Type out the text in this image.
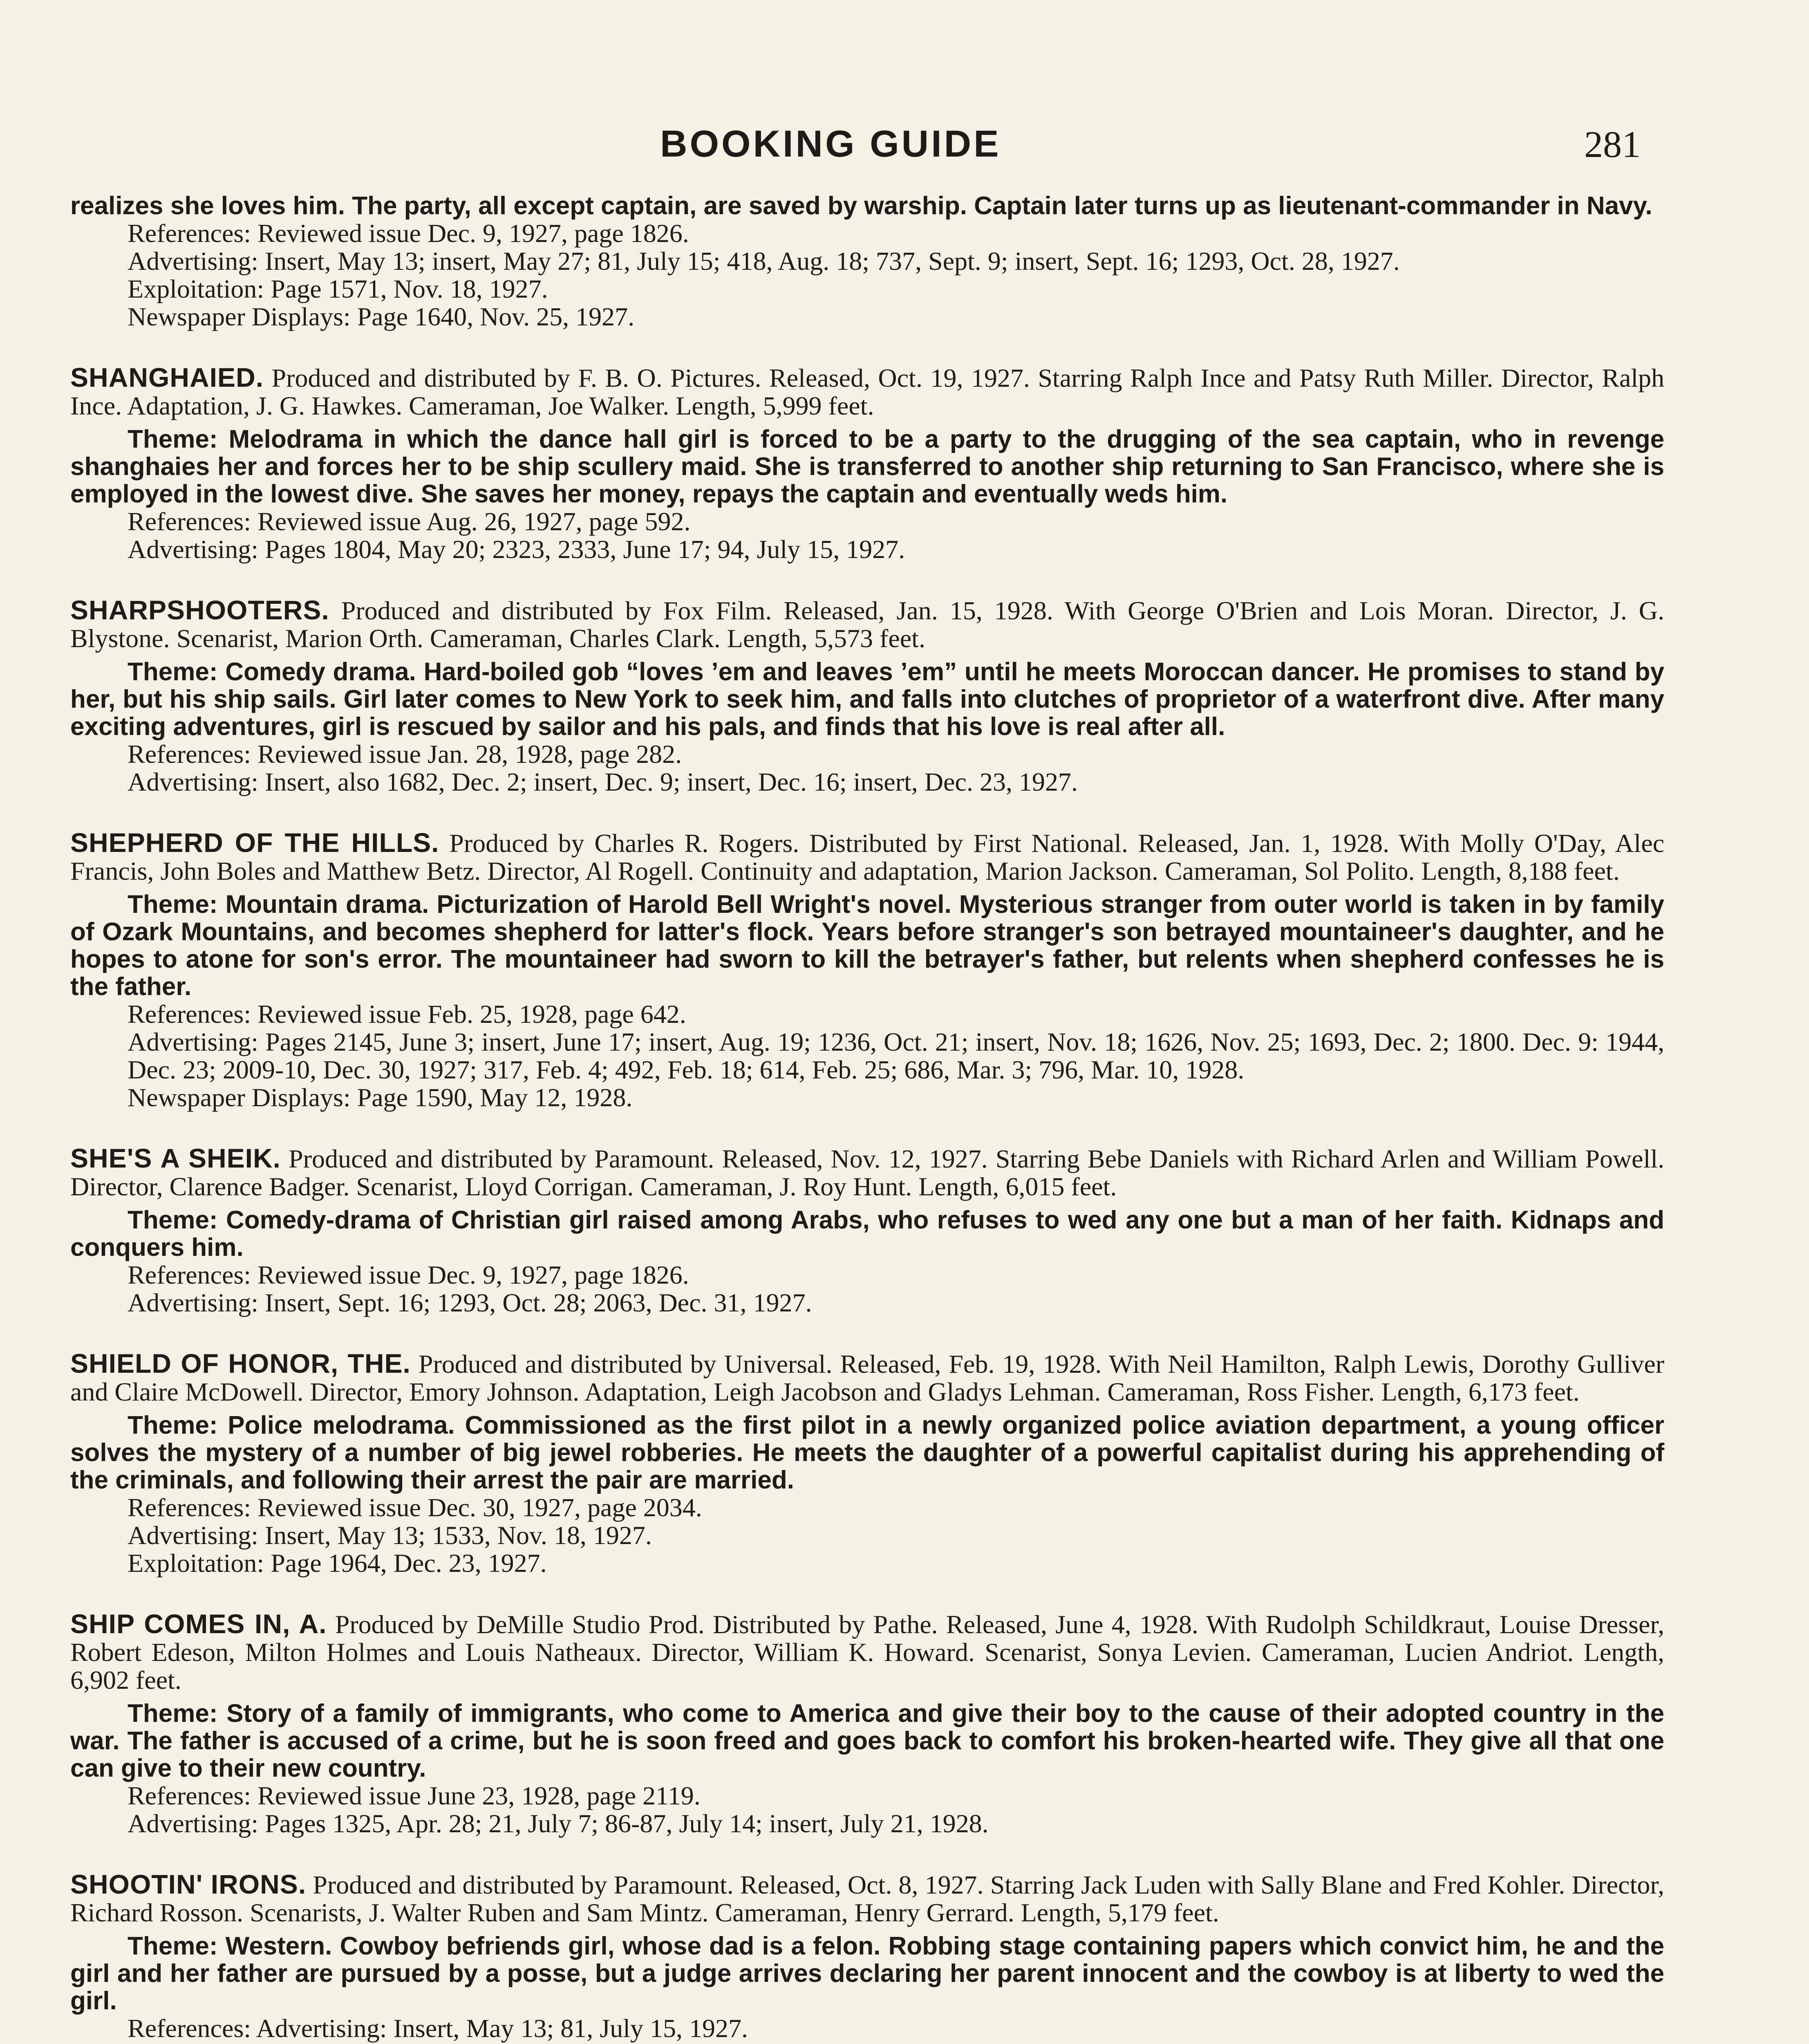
BOOKING GUIDE	281

realizes she loves him. The party, all except captain, are saved by warship. Captain later turns up as lieutenant-commander in Navy.

References: Reviewed issue Dec. 9, 1927, page 1826.

Advertising: Insert, May 13; insert, May 27; 81, July 15; 418, Aug. 18; 737, Sept. 9; insert, Sept. 16; 1293, Oct. 28, 1927.

Exploitation: Page 1571, Nov. 18, 1927.

Newspaper Displays: Page 1640, Nov. 25, 1927.

SHANGHAIED. Produced and distributed by F. B. O. Pictures. Released, Oct. 19, 1927. Starring Ralph Ince and Patsy Ruth Miller. Director, Ralph Ince. Adaptation, J. G. Hawkes. Cameraman, Joe Walker. Length, 5,999 feet.

Theme: Melodrama in which the dance hall girl is forced to be a party to the drugging of the sea captain, who in revenge shanghaies her and forces her to be ship scullery maid. She is transferred to another ship returning to San Francisco, where she is employed in the lowest dive. She saves her money, repays the captain and eventually weds him.

References: Reviewed issue Aug. 26, 1927, page 592.

Advertising: Pages 1804, May 20; 2323, 2333, June 17; 94, July 15, 1927.

SHARPSHOOTERS. Produced and distributed by Fox Film. Released, Jan. 15, 1928. With George O'Brien and Lois Moran. Director, J. G. Blystone. Scenarist, Marion Orth. Cameraman, Charles Clark. Length, 5,573 feet.

Theme: Comedy drama. Hard-boiled gob “loves ’em and leaves ’em” until he meets Moroccan dancer. He promises to stand by her, but his ship sails. Girl later comes to New York to seek him, and falls into clutches of proprietor of a waterfront dive. After many exciting adventures, girl is rescued by sailor and his pals, and finds that his love is real after all.

References: Reviewed issue Jan. 28, 1928, page 282.

Advertising: Insert, also 1682, Dec. 2; insert, Dec. 9; insert, Dec. 16; insert, Dec. 23, 1927.

SHEPHERD OF THE HILLS. Produced by Charles R. Rogers. Distributed by First National. Released, Jan. 1, 1928. With Molly O'Day, Alec Francis, John Boles and Matthew Betz. Director, Al Rogell. Continuity and adaptation, Marion Jackson. Cameraman, Sol Polito. Length, 8,188 feet.

Theme: Mountain drama. Picturization of Harold Bell Wright's novel. Mysterious stranger from outer world is taken in by family of Ozark Mountains, and becomes shepherd for latter's flock. Years before stranger's son betrayed mountaineer's daughter, and he hopes to atone for son's error. The mountaineer had sworn to kill the betrayer's father, but relents when shepherd confesses he is the father.

References: Reviewed issue Feb. 25, 1928, page 642.

Advertising: Pages 2145, June 3; insert, June 17; insert, Aug. 19; 1236, Oct. 21; insert, Nov. 18; 1626, Nov. 25; 1693, Dec. 2; 1800. Dec. 9: 1944, Dec. 23; 2009-10, Dec. 30, 1927; 317, Feb. 4; 492, Feb. 18; 614, Feb. 25; 686, Mar. 3; 796, Mar. 10, 1928.

Newspaper Displays: Page 1590, May 12, 1928.

SHE'S A SHEIK. Produced and distributed by Paramount. Released, Nov. 12, 1927. Starring Bebe Daniels with Richard Arlen and William Powell. Director, Clarence Badger. Scenarist, Lloyd Corrigan. Cameraman, J. Roy Hunt. Length, 6,015 feet.

Theme: Comedy-drama of Christian girl raised among Arabs, who refuses to wed any one but a man of her faith. Kidnaps and conquers him.

References: Reviewed issue Dec. 9, 1927, page 1826.

Advertising: Insert, Sept. 16; 1293, Oct. 28; 2063, Dec. 31, 1927.

SHIELD OF HONOR, THE. Produced and distributed by Universal. Released, Feb. 19, 1928. With Neil Hamilton, Ralph Lewis, Dorothy Gulliver and Claire McDowell. Director, Emory Johnson. Adaptation, Leigh Jacobson and Gladys Lehman. Cameraman, Ross Fisher. Length, 6,173 feet.

Theme: Police melodrama. Commissioned as the first pilot in a newly organized police aviation department, a young officer solves the mystery of a number of big jewel robberies. He meets the daughter of a powerful capitalist during his apprehending of the criminals, and following their arrest the pair are married.

References: Reviewed issue Dec. 30, 1927, page 2034.

Advertising: Insert, May 13; 1533, Nov. 18, 1927.

Exploitation: Page 1964, Dec. 23, 1927.

SHIP COMES IN, A. Produced by DeMille Studio Prod. Distributed by Pathe. Released, June 4, 1928. With Rudolph Schildkraut, Louise Dresser, Robert Edeson, Milton Holmes and Louis Natheaux. Director, William K. Howard. Scenarist, Sonya Levien. Cameraman, Lucien Andriot. Length, 6,902 feet.

Theme: Story of a family of immigrants, who come to America and give their boy to the cause of their adopted country in the war. The father is accused of a crime, but he is soon freed and goes back to comfort his broken-hearted wife. They give all that one can give to their new country.

References: Reviewed issue June 23, 1928, page 2119.

Advertising: Pages 1325, Apr. 28; 21, July 7; 86-87, July 14; insert, July 21, 1928.

SHOOTIN' IRONS. Produced and distributed by Paramount. Released, Oct. 8, 1927. Starring Jack Luden with Sally Blane and Fred Kohler. Director, Richard Rosson. Scenarists, J. Walter Ruben and Sam Mintz. Cameraman, Henry Gerrard. Length, 5,179 feet.

Theme: Western. Cowboy befriends girl, whose dad is a felon. Robbing stage containing papers which convict him, he and the girl and her father are pursued by a posse, but a judge arrives declaring her parent innocent and the cowboy is at liberty to wed the girl.

References: Advertising: Insert, May 13; 81, July 15, 1927.
